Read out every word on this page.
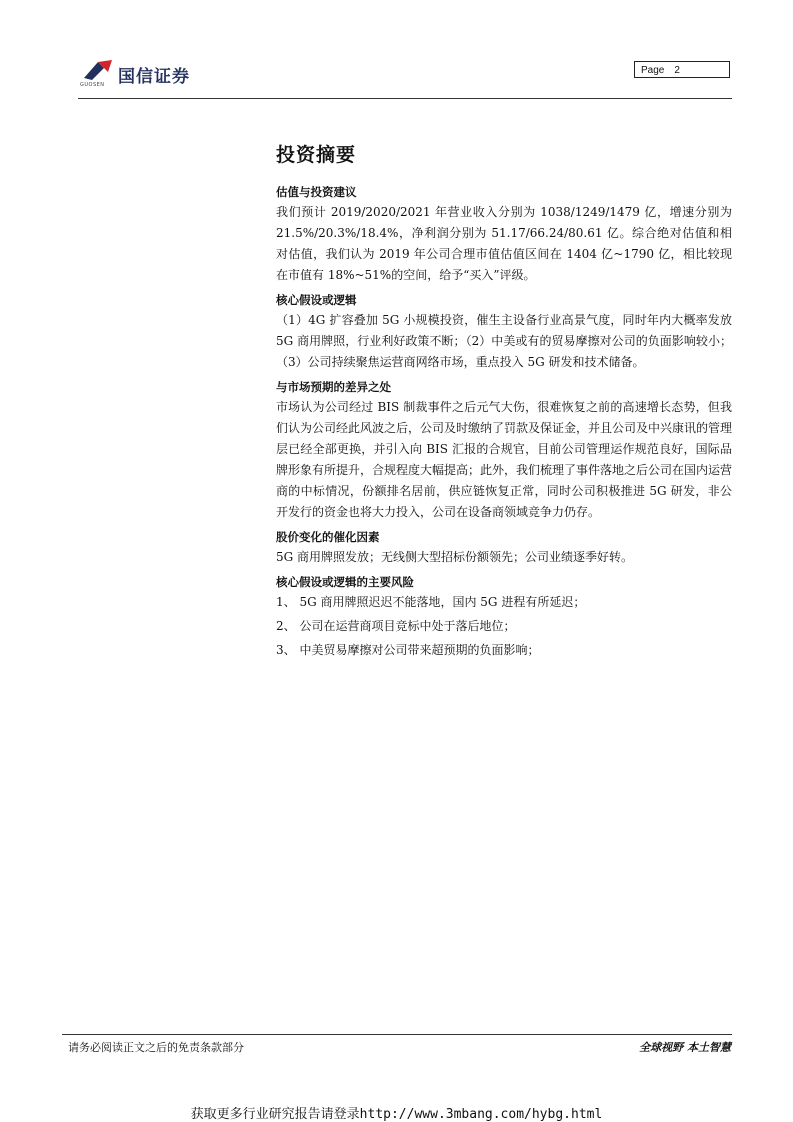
国信证券
GUOSEN
Page 2
投资摘要
估值与投资建议

我们预计 2019/2020/2021 年营业收入分别为 1038/1249/1479 亿，增速分别为 21.5%/20.3%/18.4%，净利润分别为 51.17/66.24/80.61 亿。综合绝对估值和相对估值，我们认为 2019 年公司合理市值估值区间在 1404 亿~1790 亿，相比较现在市值有 18%~51%的空间，给予“买入”评级。

核心假设或逻辑

（1）4G 扩容叠加 5G 小规模投资，催生主设备行业高景气度，同时年内大概率发放 5G 商用牌照，行业利好政策不断；（2）中美或有的贸易摩擦对公司的负面影响较小；（3）公司持续聚焦运营商网络市场，重点投入 5G 研发和技术储备。

与市场预期的差异之处

市场认为公司经过 BIS 制裁事件之后元气大伤，很难恢复之前的高速增长态势，但我们认为公司经此风波之后，公司及时缴纳了罚款及保证金，并且公司及中兴康讯的管理层已经全部更换，并引入向 BIS 汇报的合规官，目前公司管理运作规范良好，国际品牌形象有所提升，合规程度大幅提高；此外，我们梳理了事件落地之后公司在国内运营商的中标情况，份额排名居前，供应链恢复正常，同时公司积极推进 5G 研发，非公开发行的资金也将大力投入，公司在设备商领域竞争力仍存。

股价变化的催化因素

5G 商用牌照发放；无线侧大型招标份额领先；公司业绩逐季好转。

核心假设或逻辑的主要风险

1、 5G 商用牌照迟迟不能落地，国内 5G 进程有所延迟；

2、 公司在运营商项目竞标中处于落后地位；

3、 中美贸易摩擦对公司带来超预期的负面影响；

请务必阅读正文之后的免责条款部分	全球视野 本土智慧
获取更多行业研究报告请登录http://www.3mbang.com/hybg.html
